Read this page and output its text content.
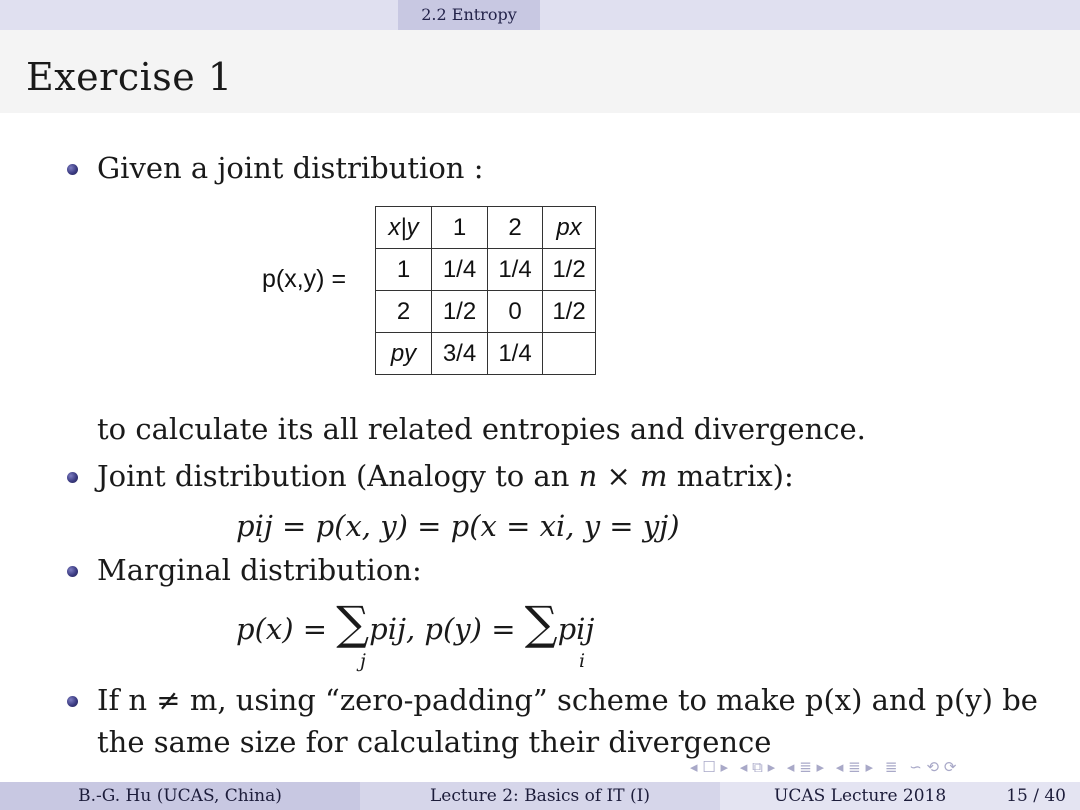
2.2 Entropy
Exercise 1
Given a joint distribution :
p(x,y) =
x|y	1	2	px
1	1/4	1/4	1/2
2	1/2	0	1/2
py	3/4	1/4	
to calculate its all related entropies and divergence.
Joint distribution (Analogy to an n × m matrix):
pij = p(x, y) = p(x = xi, y = yj)
Marginal distribution:
p(x) = ∑pij, p(y) = ∑pij
j	i
If n ≠ m, using “zero-padding” scheme to make p(x) and p(y) be
the same size for calculating their divergence
◂ ☐ ▸ ◂ ⧉ ▸ ◂ ≣ ▸ ◂ ≣ ▸ ≣ ∽ ⟲ ⟳
B.-G. Hu (UCAS, China)	Lecture 2: Basics of IT (I)	UCAS Lecture 2018	15 / 40
